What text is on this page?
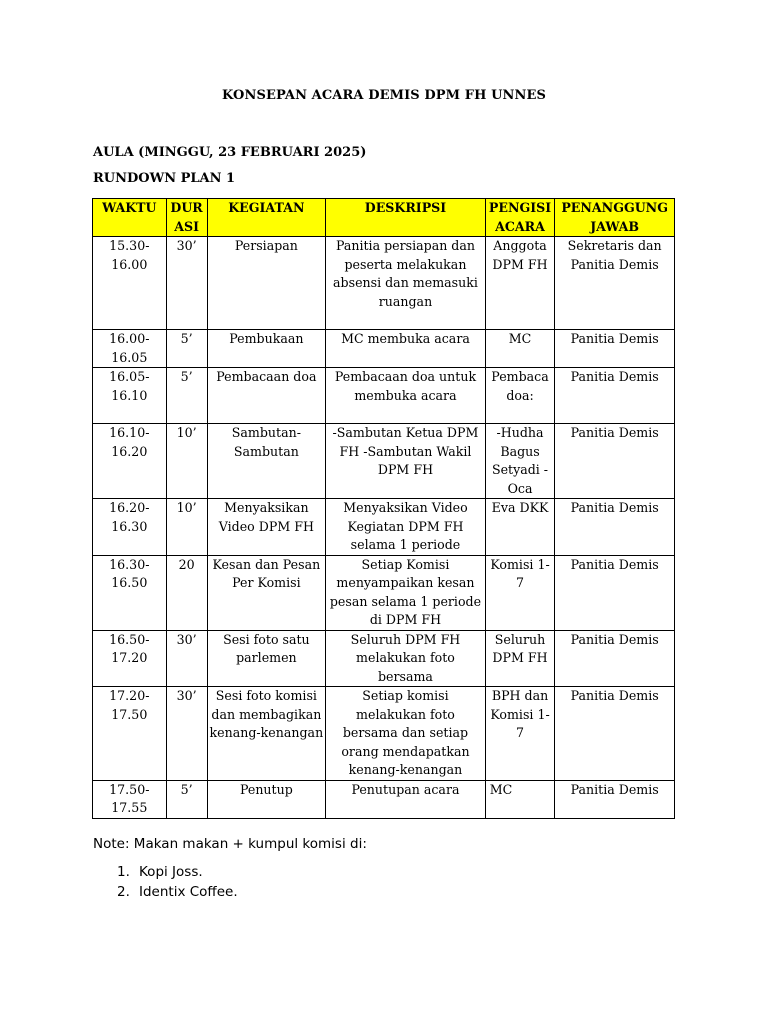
KONSEPAN ACARA DEMIS DPM FH UNNES
AULA (MINGGU, 23 FEBRUARI 2025)
RUNDOWN PLAN 1
WAKTU	DURASI	KEGIATAN	DESKRIPSI	PENGISI ACARA	PENANGGUNG JAWAB
15.30-16.00	30’	Persiapan	Panitia persiapan dan peserta melakukan absensi dan memasuki ruangan	Anggota DPM FH	Sekretaris dan Panitia Demis
16.00-16.05	5’	Pembukaan	MC membuka acara	MC	Panitia Demis
16.05-16.10	5’	Pembacaan doa	Pembacaan doa untuk membuka acara	Pembaca doa:	Panitia Demis
16.10-16.20	10’	Sambutan-Sambutan	-Sambutan Ketua DPM FH -Sambutan Wakil DPM FH	-Hudha Bagus Setyadi -Oca	Panitia Demis
16.20-16.30	10’	Menyaksikan Video DPM FH	Menyaksikan Video Kegiatan DPM FH selama 1 periode	Eva DKK	Panitia Demis
16.30-16.50	20	Kesan dan Pesan Per Komisi	Setiap Komisi menyampaikan kesan pesan selama 1 periode di DPM FH	Komisi 1-7	Panitia Demis
16.50-17.20	30’	Sesi foto satu parlemen	Seluruh DPM FH melakukan foto bersama	Seluruh DPM FH	Panitia Demis
17.20-17.50	30’	Sesi foto komisi dan membagikan kenang-kenangan	Setiap komisi melakukan foto bersama dan setiap orang mendapatkan kenang-kenangan	BPH dan Komisi 1-7	Panitia Demis
17.50-17.55	5’	Penutup	Penutupan acara	MC	Panitia Demis
Note: Makan makan + kumpul komisi di:
1. Kopi Joss.
2. Identix Coffee.
